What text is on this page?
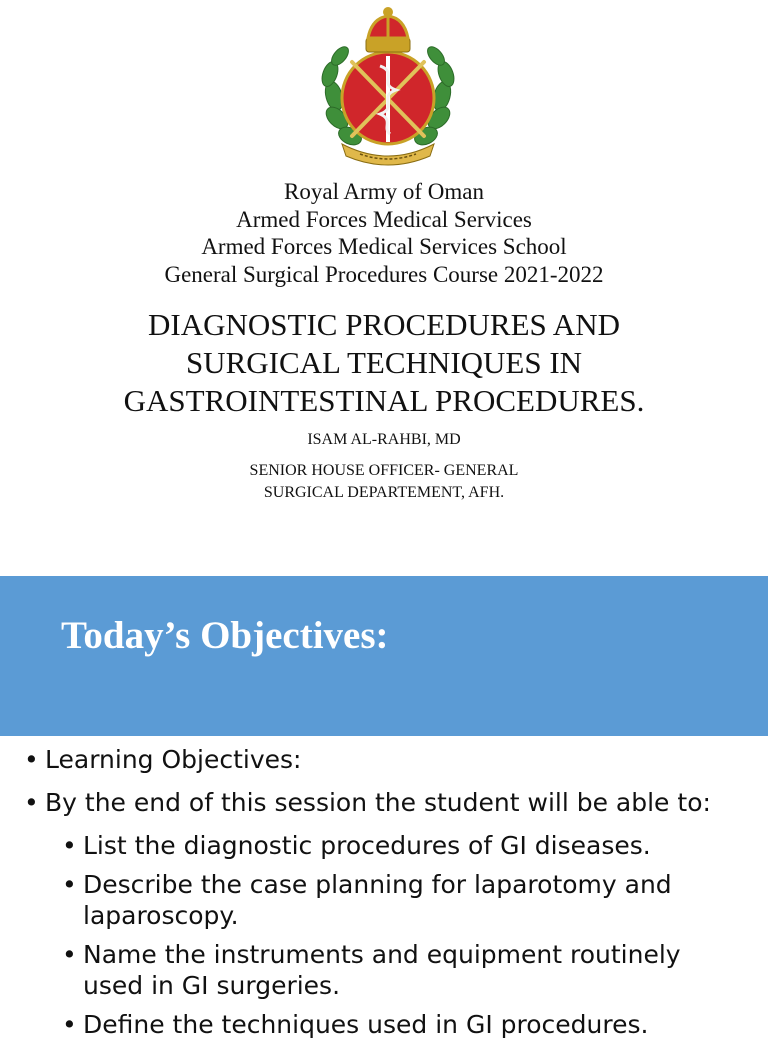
Royal Army of Oman
Armed Forces Medical Services
Armed Forces Medical Services School
General Surgical Procedures Course 2021-2022
DIAGNOSTIC PROCEDURES AND
SURGICAL TECHNIQUES IN
GASTROINTESTINAL PROCEDURES.
ISAM AL-RAHBI, MD
SENIOR HOUSE OFFICER- GENERAL
SURGICAL DEPARTEMENT, AFH.
Today’s Objectives:
• Learning Objectives:
• By the end of this session the student will be able to:
• List the diagnostic procedures of GI diseases.
• Describe the case planning for laparotomy and laparoscopy.
• Name the instruments and equipment routinely used in GI surgeries.
• Define the techniques used in GI procedures.
